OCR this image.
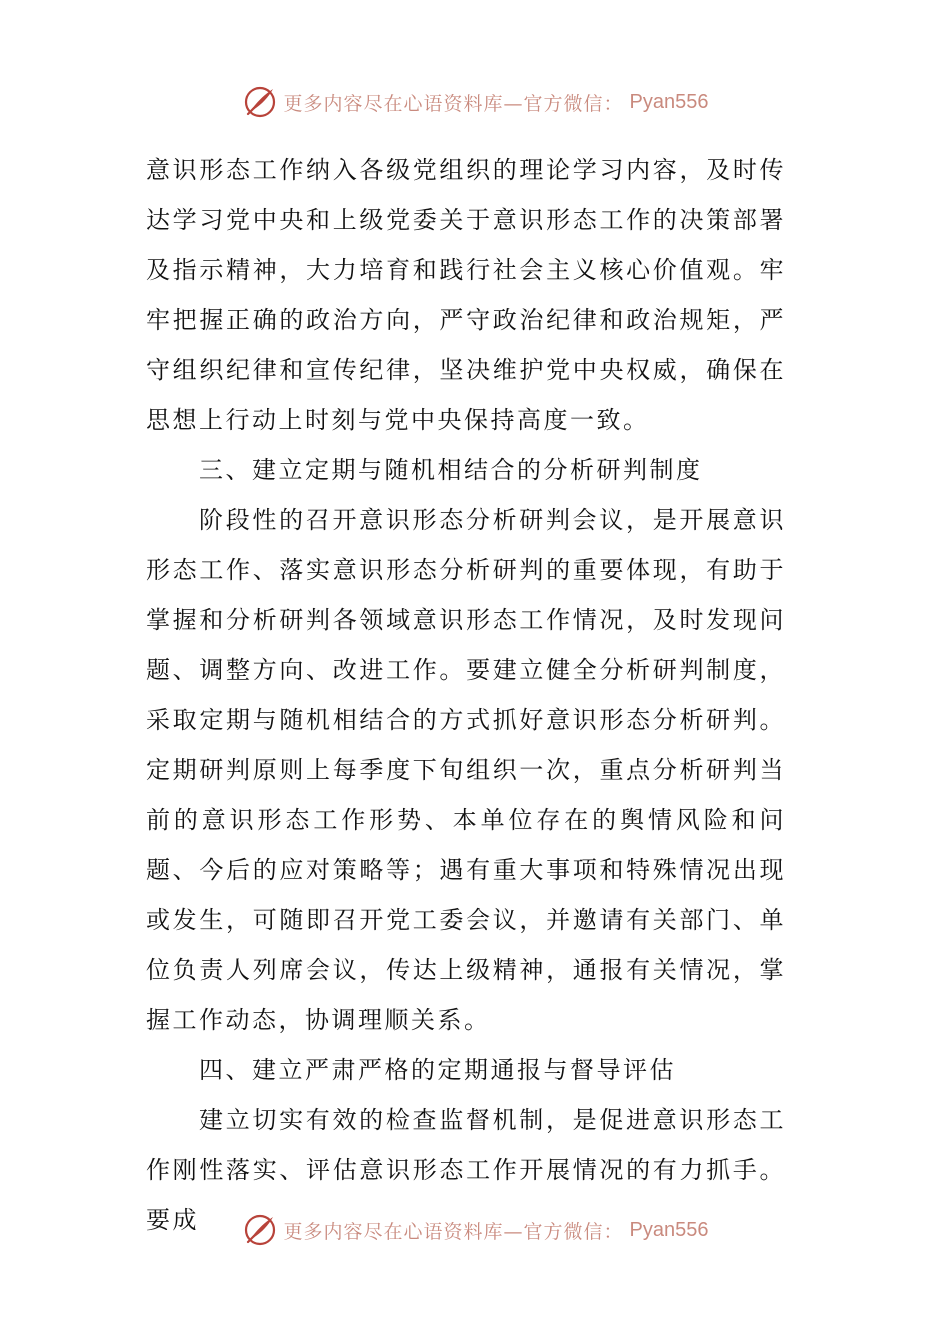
更多内容尽在心语资料库—官方微信： Pyan556

意识形态工作纳入各级党组织的理论学习内容，及时传达学习党中央和上级党委关于意识形态工作的决策部署及指示精神，大力培育和践行社会主义核心价值观。牢牢把握正确的政治方向，严守政治纪律和政治规矩，严守组织纪律和宣传纪律，坚决维护党中央权威，确保在思想上行动上时刻与党中央保持高度一致。

三、建立定期与随机相结合的分析研判制度

阶段性的召开意识形态分析研判会议，是开展意识形态工作、落实意识形态分析研判的重要体现，有助于掌握和分析研判各领域意识形态工作情况，及时发现问题、调整方向、改进工作。要建立健全分析研判制度，采取定期与随机相结合的方式抓好意识形态分析研判。定期研判原则上每季度下旬组织一次，重点分析研判当前的意识形态工作形势、本单位存在的舆情风险和问题、今后的应对策略等；遇有重大事项和特殊情况出现或发生，可随即召开党工委会议，并邀请有关部门、单位负责人列席会议，传达上级精神，通报有关情况，掌握工作动态，协调理顺关系。

四、建立严肃严格的定期通报与督导评估

建立切实有效的检查监督机制，是促进意识形态工作刚性落实、评估意识形态工作开展情况的有力抓手。要成	更多内容尽在心语资料库—官方微信： Pyan556
